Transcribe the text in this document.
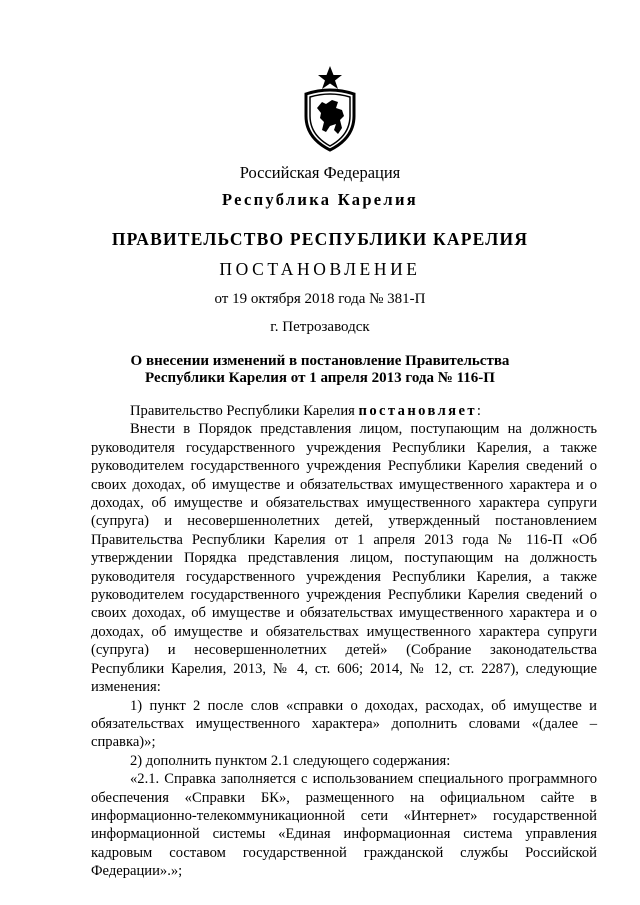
Российская Федерация
Республика Карелия
ПРАВИТЕЛЬСТВО РЕСПУБЛИКИ КАРЕЛИЯ
ПОСТАНОВЛЕНИЕ
от 19 октября 2018 года № 381-П
г. Петрозаводск
О внесении изменений в постановление Правительства
Республики Карелия от 1 апреля 2013 года № 116-П

Правительство Республики Карелия постановляет:

Внести в Порядок представления лицом, поступающим на должность руководителя государственного учреждения Республики Карелия, а также руководителем государственного учреждения Республики Карелия сведений о своих доходах, об имуществе и обязательствах имущественного характера и о доходах, об имуществе и обязательствах имущественного характера супруги (супруга) и несовершеннолетних детей, утвержденный постановлением Правительства Республики Карелия от 1 апреля 2013 года № 116-П «Об утверждении Порядка представления лицом, поступающим на должность руководителя государственного учреждения Республики Карелия, а также руководителем государственного учреждения Республики Карелия сведений о своих доходах, об имуществе и обязательствах имущественного характера и о доходах, об имуществе и обязательствах имущественного характера супруги (супруга) и несовершеннолетних детей» (Собрание законодательства Республики Карелия, 2013, № 4, ст. 606; 2014, № 12, ст. 2287), следующие изменения:

1) пункт 2 после слов «справки о доходах, расходах, об имуществе и обязательствах имущественного характера» дополнить словами «(далее – справка)»;

2) дополнить пунктом 2.1 следующего содержания:

«2.1. Справка заполняется с использованием специального программного обеспечения «Справки БК», размещенного на официальном сайте в информационно-телекоммуникационной сети «Интернет» государственной информационной системы «Единая информационная система управления кадровым составом государственной гражданской службы Российской Федерации».»;
